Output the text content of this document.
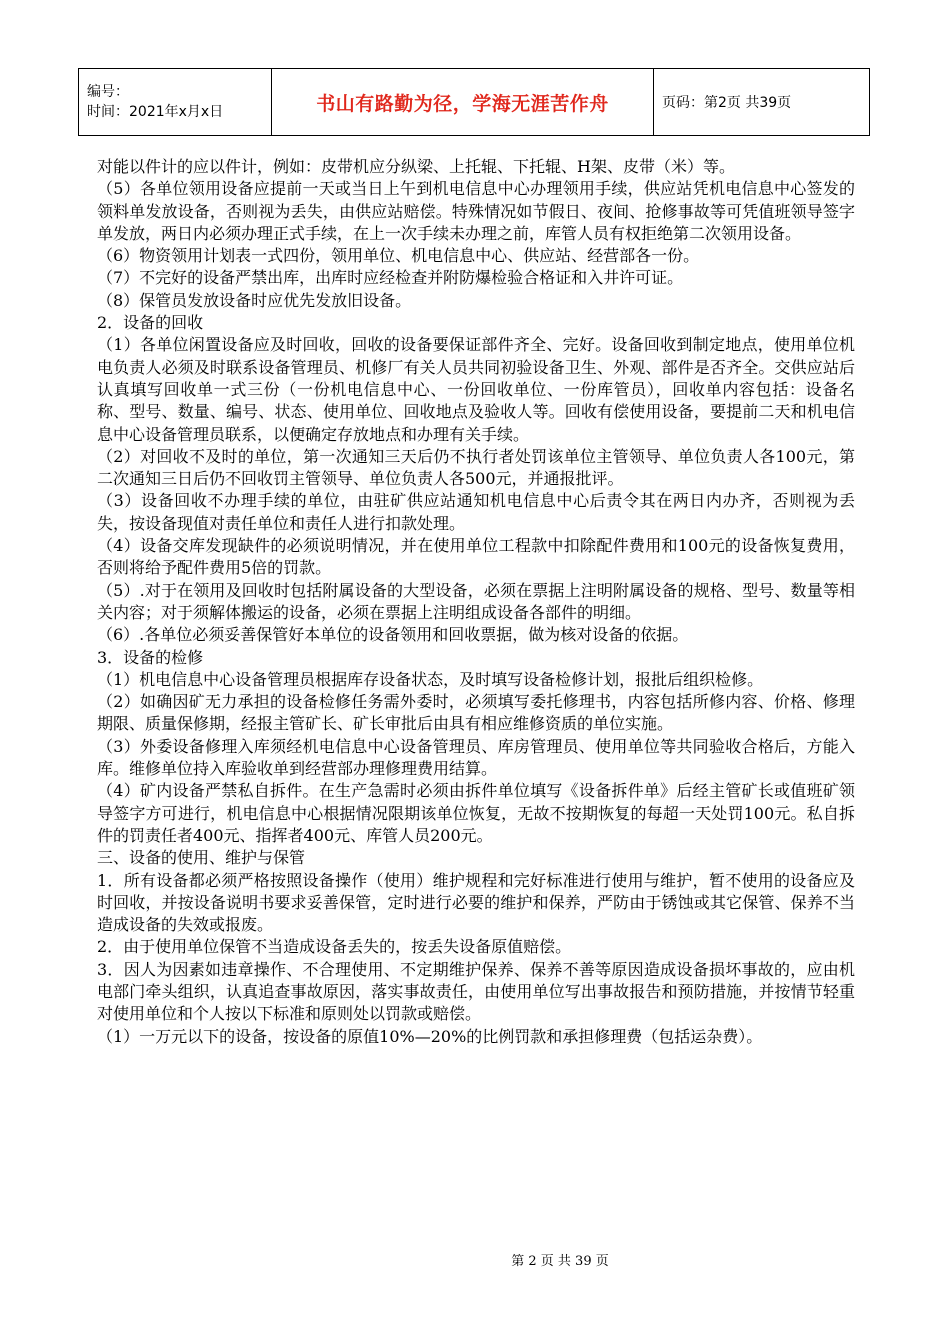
编号：
时间：2021年x月x日	书山有路勤为径，学海无涯苦作舟	页码：第2页 共39页

对能以件计的应以件计，例如：皮带机应分纵梁、上托辊、下托辊、H架、皮带（米）等。

（5）各单位领用设备应提前一天或当日上午到机电信息中心办理领用手续，供应站凭机电信息中心签发的领料单发放设备，否则视为丢失，由供应站赔偿。特殊情况如节假日、夜间、抢修事故等可凭值班领导签字单发放，两日内必须办理正式手续，在上一次手续未办理之前，库管人员有权拒绝第二次领用设备。

（6）物资领用计划表一式四份，领用单位、机电信息中心、供应站、经营部各一份。

（7）不完好的设备严禁出库，出库时应经检查并附防爆检验合格证和入井许可证。

（8）保管员发放设备时应优先发放旧设备。

2．设备的回收

（1）各单位闲置设备应及时回收，回收的设备要保证部件齐全、完好。设备回收到制定地点，使用单位机电负责人必须及时联系设备管理员、机修厂有关人员共同初验设备卫生、外观、部件是否齐全。交供应站后认真填写回收单一式三份（一份机电信息中心、一份回收单位、一份库管员），回收单内容包括：设备名称、型号、数量、编号、状态、使用单位、回收地点及验收人等。回收有偿使用设备，要提前二天和机电信息中心设备管理员联系，以便确定存放地点和办理有关手续。

（2）对回收不及时的单位，第一次通知三天后仍不执行者处罚该单位主管领导、单位负责人各100元，第二次通知三日后仍不回收罚主管领导、单位负责人各500元，并通报批评。

（3）设备回收不办理手续的单位，由驻矿供应站通知机电信息中心后责令其在两日内办齐，否则视为丢失，按设备现值对责任单位和责任人进行扣款处理。

（4）设备交库发现缺件的必须说明情况，并在使用单位工程款中扣除配件费用和100元的设备恢复费用，否则将给予配件费用5倍的罚款。

（5）.对于在领用及回收时包括附属设备的大型设备，必须在票据上注明附属设备的规格、型号、数量等相关内容；对于须解体搬运的设备，必须在票据上注明组成设备各部件的明细。

（6）.各单位必须妥善保管好本单位的设备领用和回收票据，做为核对设备的依据。

3．设备的检修

（1）机电信息中心设备管理员根据库存设备状态，及时填写设备检修计划，报批后组织检修。

（2）如确因矿无力承担的设备检修任务需外委时，必须填写委托修理书，内容包括所修内容、价格、修理期限、质量保修期，经报主管矿长、矿长审批后由具有相应维修资质的单位实施。

（3）外委设备修理入库须经机电信息中心设备管理员、库房管理员、使用单位等共同验收合格后，方能入库。维修单位持入库验收单到经营部办理修理费用结算。

（4）矿内设备严禁私自拆件。在生产急需时必须由拆件单位填写《设备拆件单》后经主管矿长或值班矿领导签字方可进行，机电信息中心根据情况限期该单位恢复，无故不按期恢复的每超一天处罚100元。私自拆件的罚责任者400元、指挥者400元、库管人员200元。

三、设备的使用、维护与保管

1．所有设备都必须严格按照设备操作（使用）维护规程和完好标准进行使用与维护，暂不使用的设备应及时回收，并按设备说明书要求妥善保管，定时进行必要的维护和保养，严防由于锈蚀或其它保管、保养不当造成设备的失效或报废。

2．由于使用单位保管不当造成设备丢失的，按丢失设备原值赔偿。

3．因人为因素如违章操作、不合理使用、不定期维护保养、保养不善等原因造成设备损坏事故的，应由机电部门牵头组织，认真追查事故原因，落实事故责任，由使用单位写出事故报告和预防措施，并按情节轻重对使用单位和个人按以下标准和原则处以罚款或赔偿。

（1）一万元以下的设备，按设备的原值10%—20%的比例罚款和承担修理费（包括运杂费）。

第 2 页 共 39 页
